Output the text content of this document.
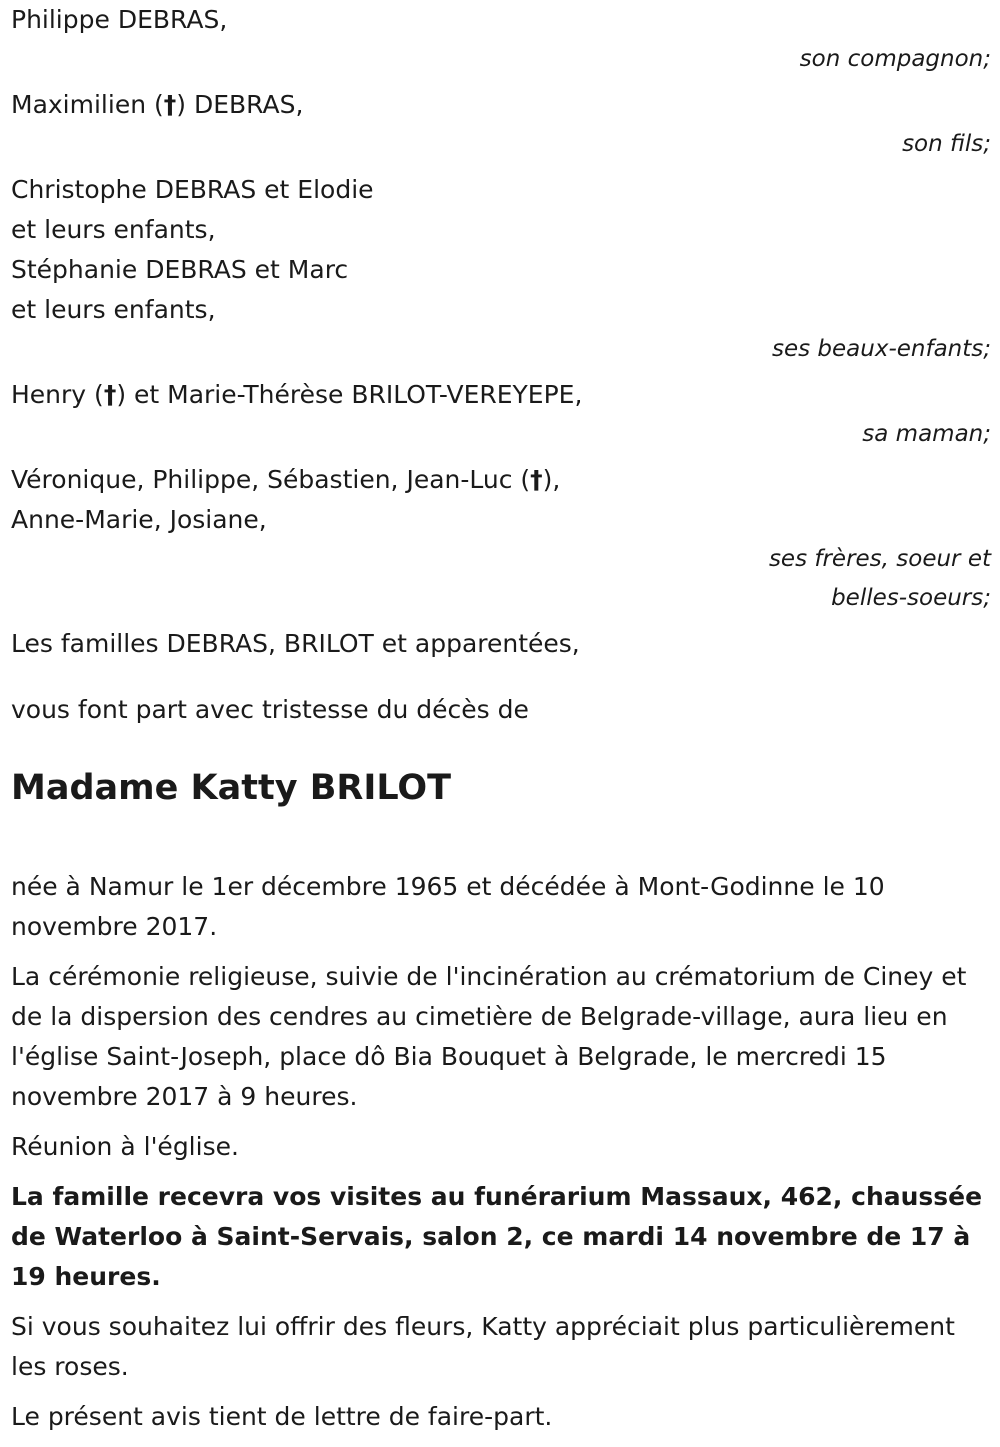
Philippe DEBRAS,
son compagnon;
Maximilien (†) DEBRAS,
son fils;
Christophe DEBRAS et Elodie
et leurs enfants,
Stéphanie DEBRAS et Marc
et leurs enfants,
ses beaux-enfants;
Henry (†) et Marie-Thérèse BRILOT-VEREYEPE,
sa maman;
Véronique, Philippe, Sébastien, Jean-Luc (†),
Anne-Marie, Josiane,
ses frères, soeur et
belles-soeurs;
Les familles DEBRAS, BRILOT et apparentées,
vous font part avec tristesse du décès de
Madame Katty BRILOT

née à Namur le 1er décembre 1965 et décédée à Mont-Godinne le 10 novembre 2017.

La cérémonie religieuse, suivie de l'incinération au crématorium de Ciney et de la dispersion des cendres au cimetière de Belgrade-village, aura lieu en l'église Saint-Joseph, place dô Bia Bouquet à Belgrade, le mercredi 15 novembre 2017 à 9 heures.

Réunion à l'église.

La famille recevra vos visites au funérarium Massaux, 462, chaussée de Waterloo à Saint-Servais, salon 2, ce mardi 14 novembre de 17 à 19 heures.

Si vous souhaitez lui offrir des fleurs, Katty appréciait plus particulièrement les roses.

Le présent avis tient de lettre de faire-part.
